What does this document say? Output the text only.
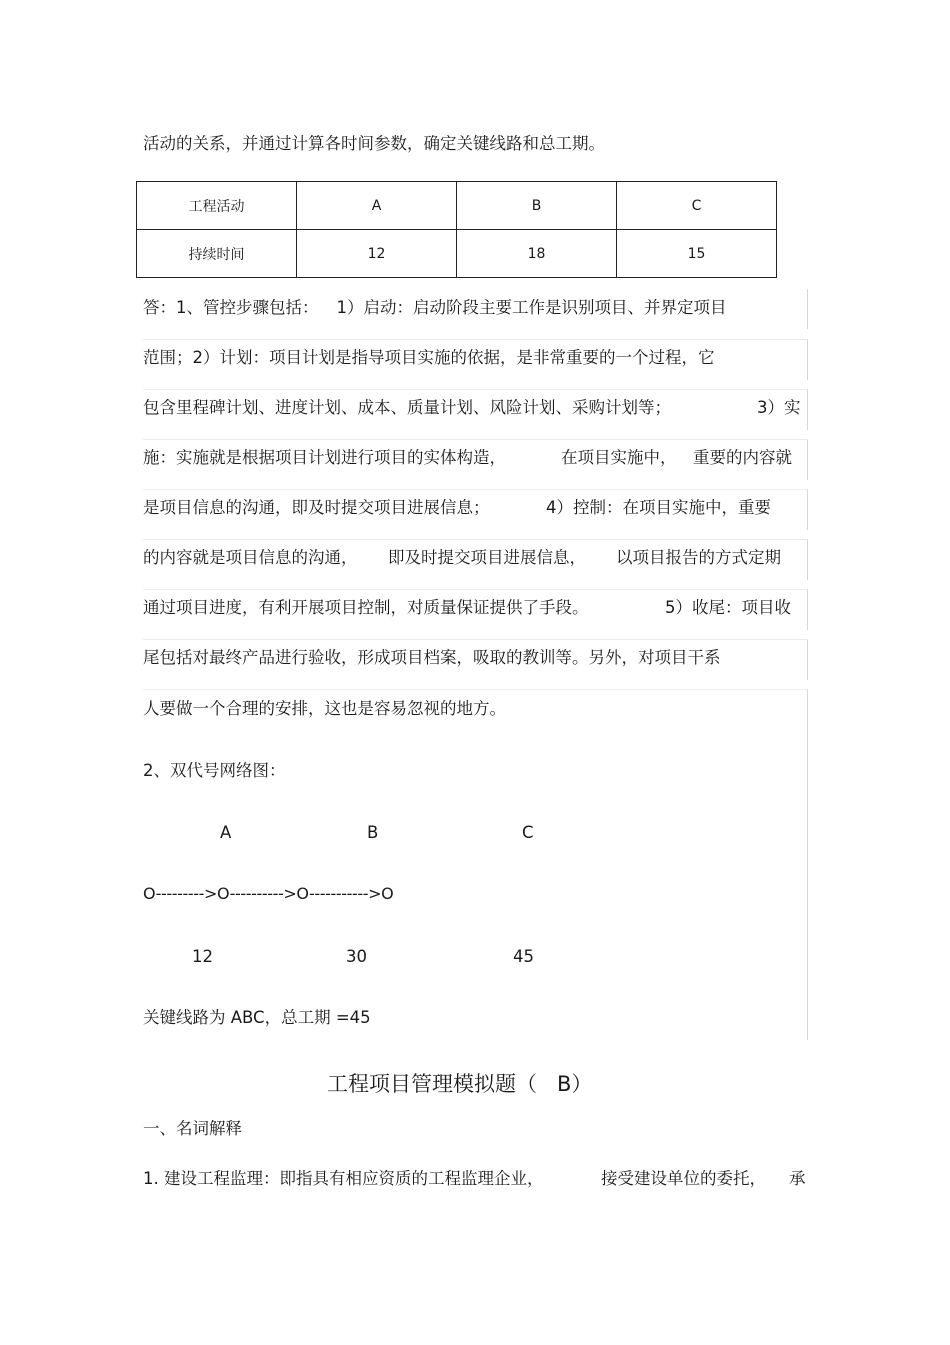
活动的关系，并通过计算各时间参数，确定关键线路和总工期。
工程活动	A	B	C
持续时间	12	18	15
答：1、管控步骤包括： 1）启动：启动阶段主要工作是识别项目、并界定项目
范围；2）计划：项目计划是指导项目实施的依据，是非常重要的一个过程，它
包含里程碑计划、进度计划、成本、质量计划、风险计划、采购计划等；	3）实
施：实施就是根据项目计划进行项目的实体构造，	在项目实施中， 重要的内容就
是项目信息的沟通，即及时提交项目进展信息；	4）控制：在项目实施中，重要
的内容就是项目信息的沟通， 即及时提交项目进展信息， 以项目报告的方式定期
通过项目进度，有利开展项目控制，对质量保证提供了手段。	5）收尾：项目收
尾包括对最终产品进行验收，形成项目档案，吸取的教训等。另外，对项目干系
人要做一个合理的安排，这也是容易忽视的地方。
2、双代号网络图：
A	B	C
O--------->O---------->O----------->O
12	30	45
关键线路为 ABC，总工期 =45
工程项目管理模拟题（ B）
一、名词解释
1. 建设工程监理：即指具有相应资质的工程监理企业，	接受建设单位的委托， 承
